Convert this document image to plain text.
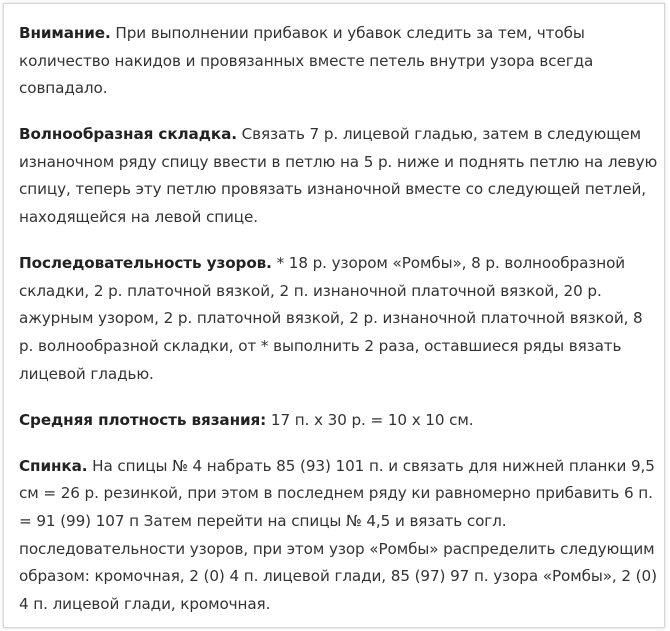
Внимание. При выполнении прибавок и убавок следить за тем, чтобы количество накидов и провязанных вместе петель внутри узора всегда совпадало.

Волнообразная складка. Связать 7 р. лицевой гладью, затем в следующем изнаночном ряду спицу ввести в петлю на 5 р. ниже и поднять петлю на левую спицу, теперь эту петлю провязать изнаночной вместе со следующей петлей, находящейся на левой спице.

Последовательность узоров. * 18 р. узором «Ромбы», 8 р. волнообразной складки, 2 р. платочной вязкой, 2 п. изнаночной платочной вязкой, 20 р. ажурным узором, 2 р. платочной вязкой, 2 р. изнаночной платочной вязкой, 8 р. волнообразной складки, от * выполнить 2 раза, оставшиеся ряды вязать лицевой гладью.

Средняя плотность вязания: 17 п. х 30 р. = 10 х 10 см.

Спинка. На спицы № 4 набрать 85 (93) 101 п. и связать для нижней планки 9,5 см = 26 р. резинкой, при этом в последнем ряду ки равномерно прибавить 6 п. = 91 (99) 107 п Затем перейти на спицы № 4,5 и вязать согл. последовательности узоров, при этом узор «Ромбы» распределить следующим образом: кромочная, 2 (0) 4 п. лицевой глади, 85 (97) 97 п. узора «Ромбы», 2 (0) 4 п. лицевой глади, кромочная.
